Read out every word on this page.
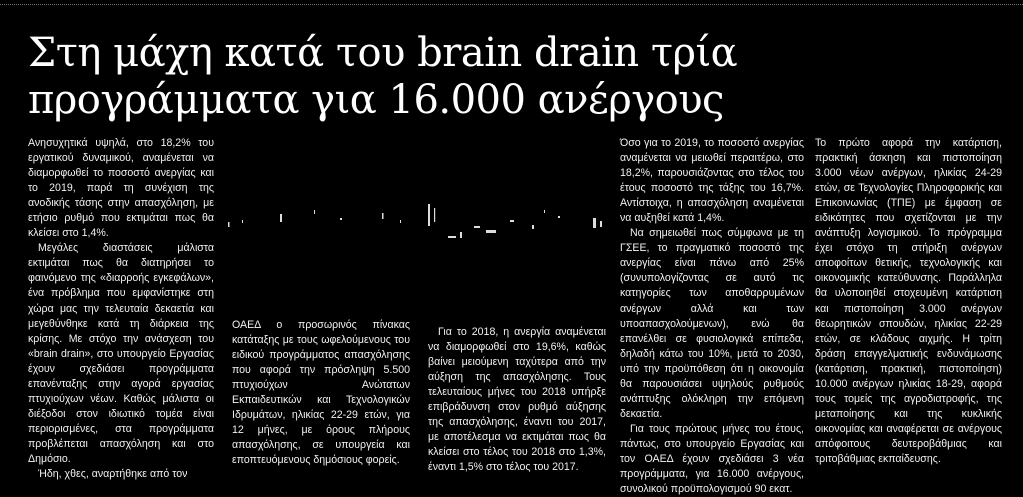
Στη μάχη κατά του brain drain τρία προγράμματα για 16.000 ανέργους

Ανησυχητικά υψηλά, στο 18,2% του εργατικού δυναμικού, αναμένεται να διαμορφωθεί το ποσοστό ανεργίας και το 2019, παρά τη συνέχιση της ανοδικής τάσης στην απασχόληση, με ετήσιο ρυθμό που εκτιμάται πως θα κλείσει στο 1,4%.

Μεγάλες διαστάσεις μάλιστα εκτιμάται πως θα διατηρήσει το φαινόμενο της «διαρροής εγκεφάλων», ένα πρόβλημα που εμφανίστηκε στη χώρα μας την τελευταία δεκαετία και μεγεθύνθηκε κατά τη διάρκεια της κρίσης. Με στόχο την ανάσχεση του «brain drain», στο υπουργείο Εργασίας έχουν σχεδιάσει προγράμματα επανένταξης στην αγορά εργασίας πτυχιούχων νέων. Καθώς μάλιστα οι διέξοδοι στον ιδιωτικό τομέα είναι περιορισμένες, στα προγράμματα προβλέπεται απασχόληση και στο Δημόσιο.

Ήδη, χθες, αναρτήθηκε από τον

ΟΑΕΔ ο προσωρινός πίνακας κατάταξης με τους ωφελούμενους του ειδικού προγράμματος απασχόλησης που αφορά την πρόσληψη 5.500 πτυχιούχων Ανώτατων Εκπαιδευτικών και Τεχνολογικών Ιδρυμάτων, ηλικίας 22-29 ετών, για 12 μήνες, με όρους πλήρους απασχόλησης, σε υπουργεία και εποπτευόμενους δημόσιους φορείς.

Για το 2018, η ανεργία αναμένεται να διαμορφωθεί στο 19,6%, καθώς βαίνει μειούμενη ταχύτερα από την αύξηση της απασχόλησης. Τους τελευταίους μήνες του 2018 υπήρξε επιβράδυνση στον ρυθμό αύξησης της απασχόλησης, έναντι του 2017, με αποτέλεσμα να εκτιμάται πως θα κλείσει στο τέλος του 2018 στο 1,3%, έναντι 1,5% στο τέλος του 2017.

Όσο για το 2019, το ποσοστό ανεργίας αναμένεται να μειωθεί περαιτέρω, στο 18,2%, παρουσιάζοντας στο τέλος του έτους ποσοστό της τάξης του 16,7%. Αντίστοιχα, η απασχόληση αναμένεται να αυξηθεί κατά 1,4%.

Να σημειωθεί πως σύμφωνα με τη ΓΣΕΕ, το πραγματικό ποσοστό της ανεργίας είναι πάνω από 25% (συνυπολογίζοντας σε αυτό τις κατηγορίες των αποθαρρυμένων ανέργων αλλά και των υποαπασχολούμενων), ενώ θα επανέλθει σε φυσιολογικά επίπεδα, δηλαδή κάτω του 10%, μετά το 2030, υπό την προϋπόθεση ότι η οικονομία θα παρουσιάσει υψηλούς ρυθμούς ανάπτυξης ολόκληρη την επόμενη δεκαετία.

Για τους πρώτους μήνες του έτους, πάντως, στο υπουργείο Εργασίας και τον ΟΑΕΔ έχουν σχεδιάσει 3 νέα προγράμματα, για 16.000 ανέργους, συνολικού προϋπολογισμού 90 εκατ.

Το πρώτο αφορά την κατάρτιση, πρακτική άσκηση και πιστοποίηση 3.000 νέων ανέργων, ηλικίας 24-29 ετών, σε Τεχνολογίες Πληροφορικής και Επικοινωνίας (ΤΠΕ) με έμφαση σε ειδικότητες που σχετίζονται με την ανάπτυξη λογισμικού. Το πρόγραμμα έχει στόχο τη στήριξη ανέργων αποφοίτων θετικής, τεχνολογικής και οικονομικής κατεύθυνσης. Παράλληλα θα υλοποιηθεί στοχευμένη κατάρτιση και πιστοποίηση 3.000 ανέργων θεωρητικών σπουδών, ηλικίας 22-29 ετών, σε κλάδους αιχμής. Η τρίτη δράση επαγγελματικής ενδυνάμωσης (κατάρτιση, πρακτική, πιστοποίηση) 10.000 ανέργων ηλικίας 18-29, αφορά τους τομείς της αγροδιατροφής, της μεταποίησης και της κυκλικής οικονομίας και αναφέρεται σε ανέργους απόφοιτους δευτεροβάθμιας και τριτοβάθμιας εκπαίδευσης.
